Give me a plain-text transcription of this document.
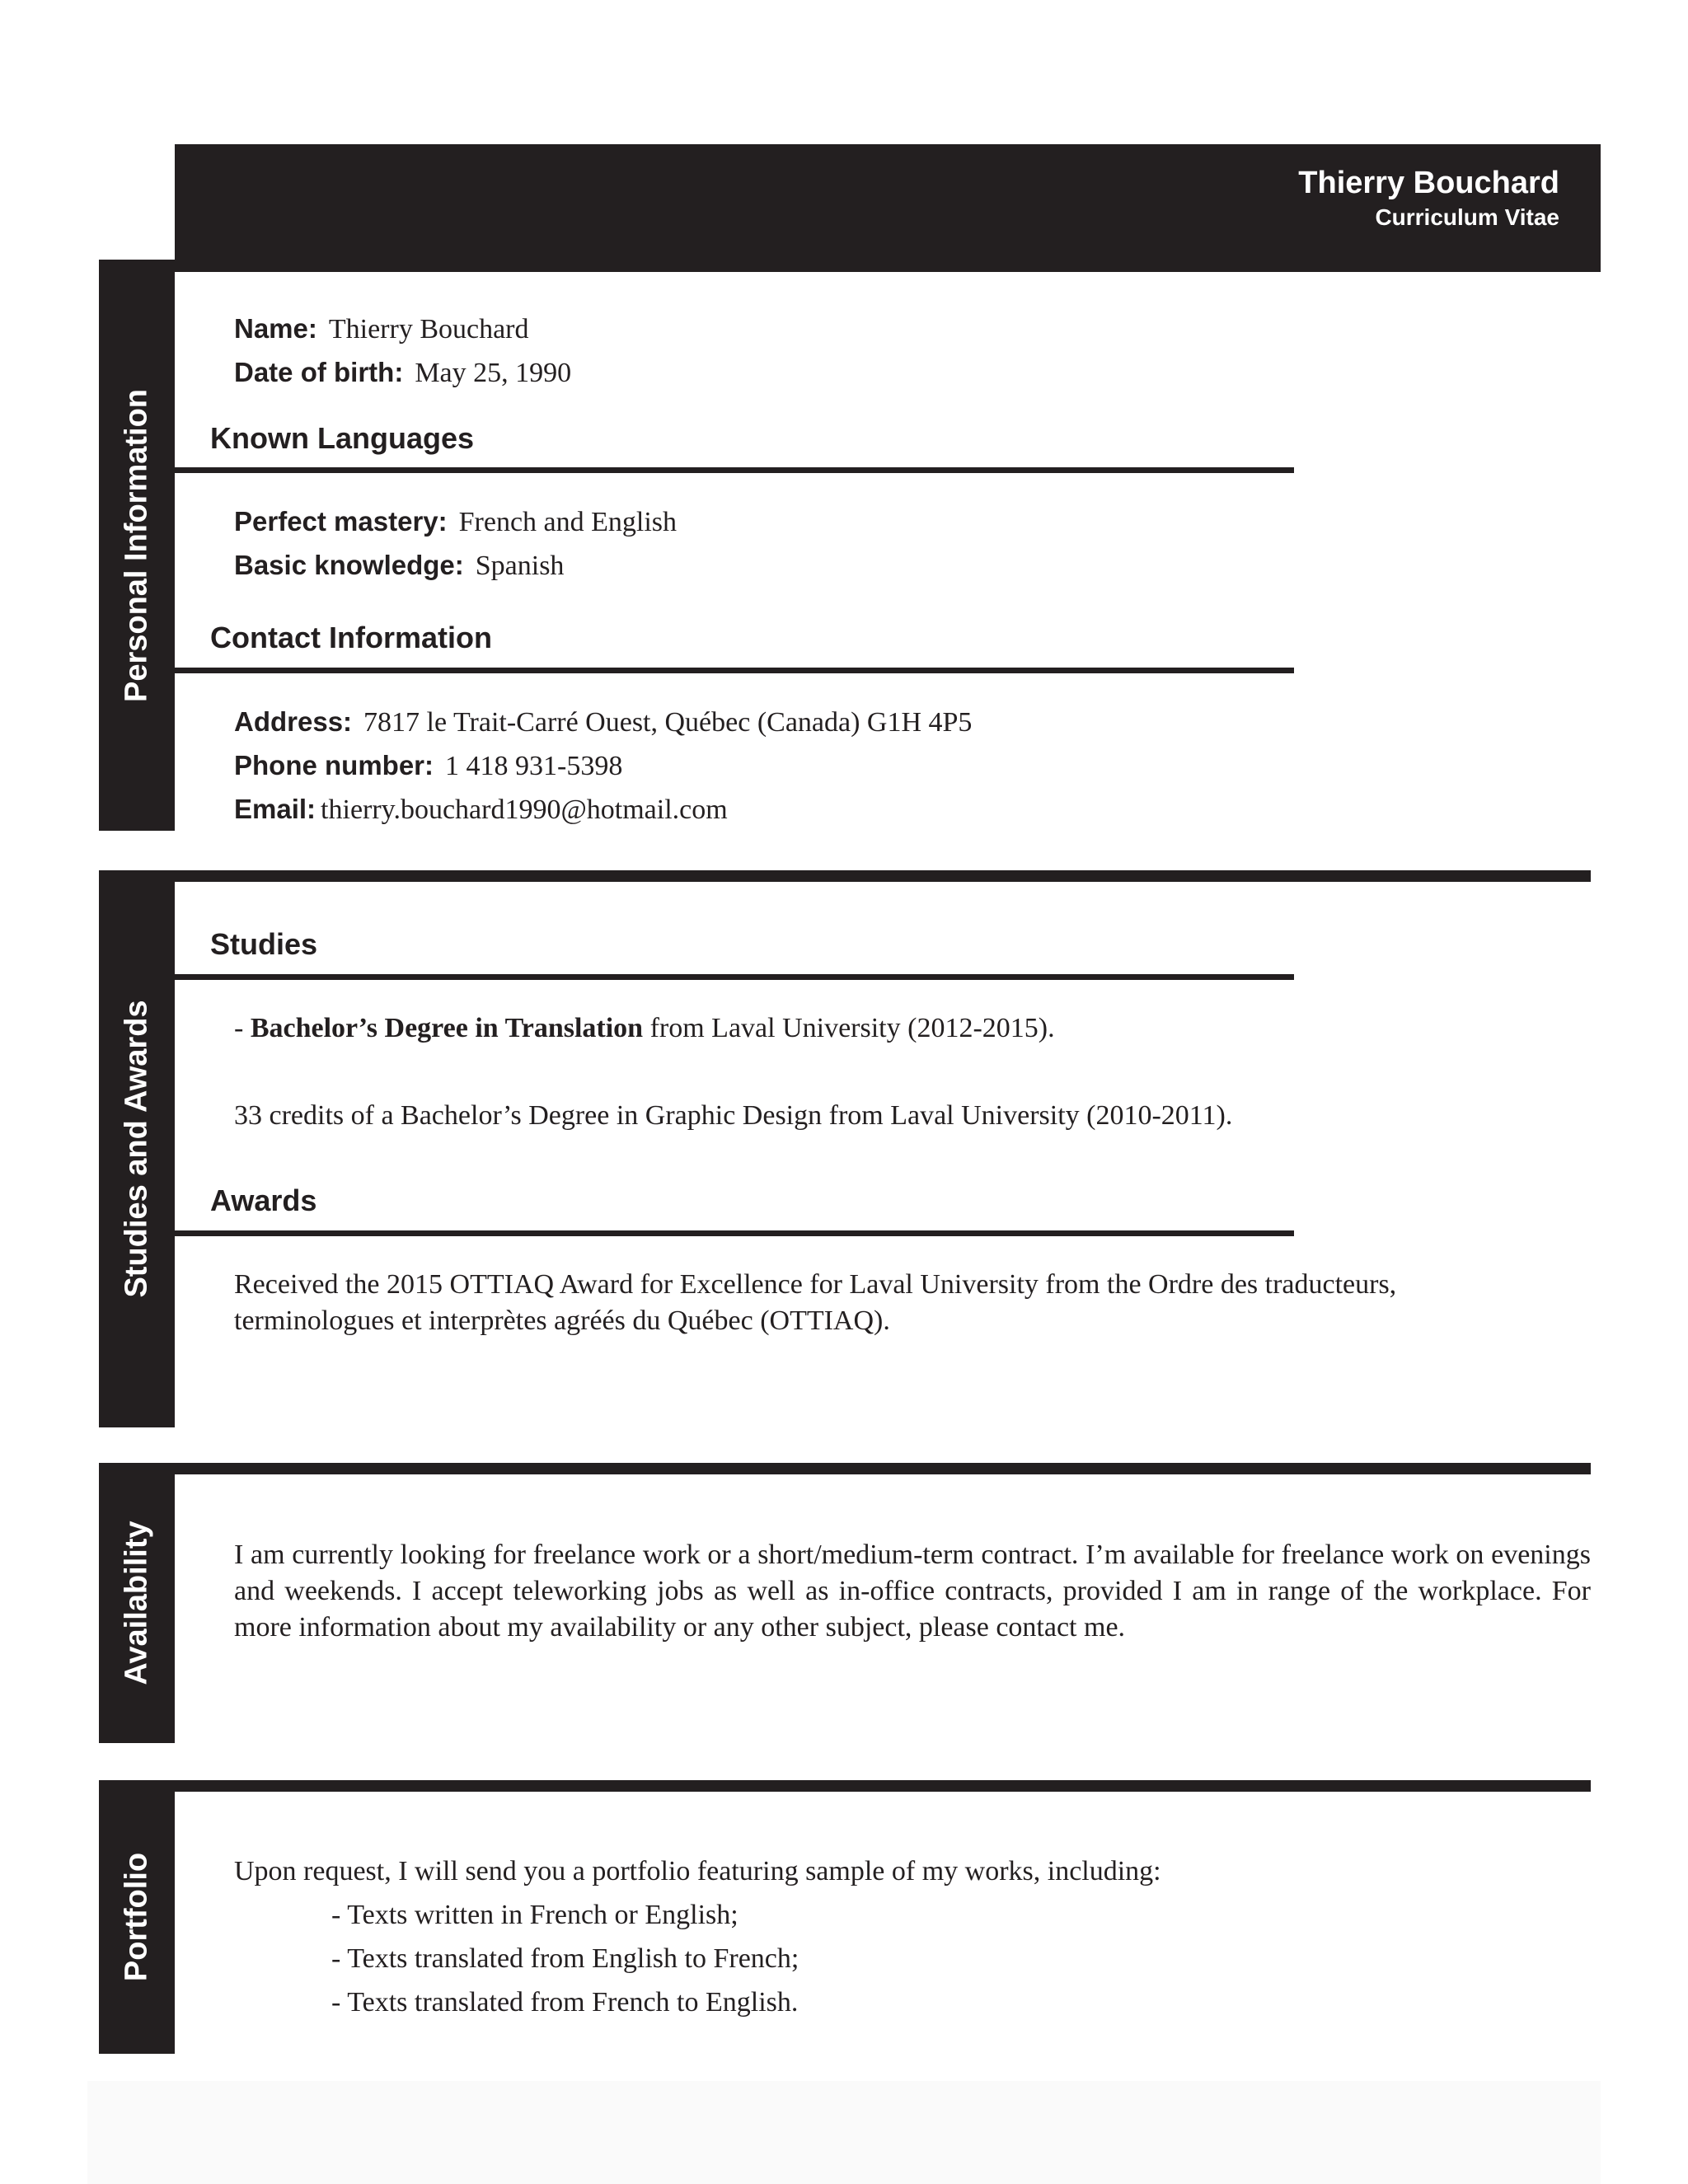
Thierry Bouchard
Curriculum Vitae
Personal Information
Name: Thierry Bouchard
Date of birth: May 25, 1990
Known Languages
Perfect mastery: French and English
Basic knowledge: Spanish
Contact Information
Address: 7817 le Trait-Carré Ouest, Québec (Canada) G1H 4P5
Phone number: 1 418 931-5398
Email: thierry.bouchard1990@hotmail.com
Studies and Awards
Studies
- Bachelor’s Degree in Translation from Laval University (2012-2015).
33 credits of a Bachelor’s Degree in Graphic Design from Laval University (2010-2011).
Awards
Received the 2015 OTTIAQ Award for Excellence for Laval University from the Ordre des traducteurs,
terminologues et interprètes agréés du Québec (OTTIAQ).
Availability	I am currently looking for freelance work or a short/medium-term contract. I’m available for freelance work on evenings and weekends. I accept teleworking jobs as well as in-office contracts, provided I am in range of the workplace. For more information about my availability or any other subject, please contact me.
Portfolio	Upon request, I will send you a portfolio featuring sample of my works, including:
- Texts written in French or English;
- Texts translated from English to French;
- Texts translated from French to English.
